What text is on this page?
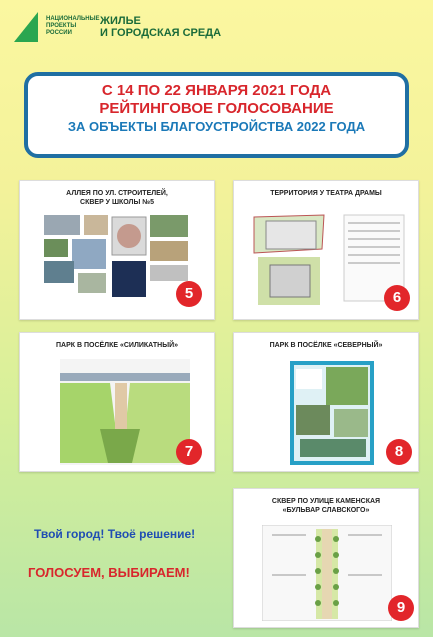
НАЦИОНАЛЬНЫЕ
ПРОЕКТЫ
РОССИИ
ЖИЛЬЕ
И ГОРОДСКАЯ СРЕДА
С 14 ПО 22 ЯНВАРЯ 2021 ГОДА
РЕЙТИНГОВОЕ ГОЛОСОВАНИЕ
ЗА ОБЪЕКТЫ БЛАГОУСТРОЙСТВА 2022 ГОДА
АЛЛЕЯ ПО УЛ. СТРОИТЕЛЕЙ,
СКВЕР У ШКОЛЫ №5
5
ТЕРРИТОРИЯ У ТЕАТРА ДРАМЫ
6
ПАРК В ПОСЁЛКЕ «СИЛИКАТНЫЙ»
7
ПАРК В ПОСЁЛКЕ «СЕВЕРНЫЙ»
8
СКВЕР ПО УЛИЦЕ КАМЕНСКАЯ
«БУЛЬВАР СЛАВСКОГО»
9
Твой город! Твоё решение!
ГОЛОСУЕМ, ВЫБИРАЕМ!
